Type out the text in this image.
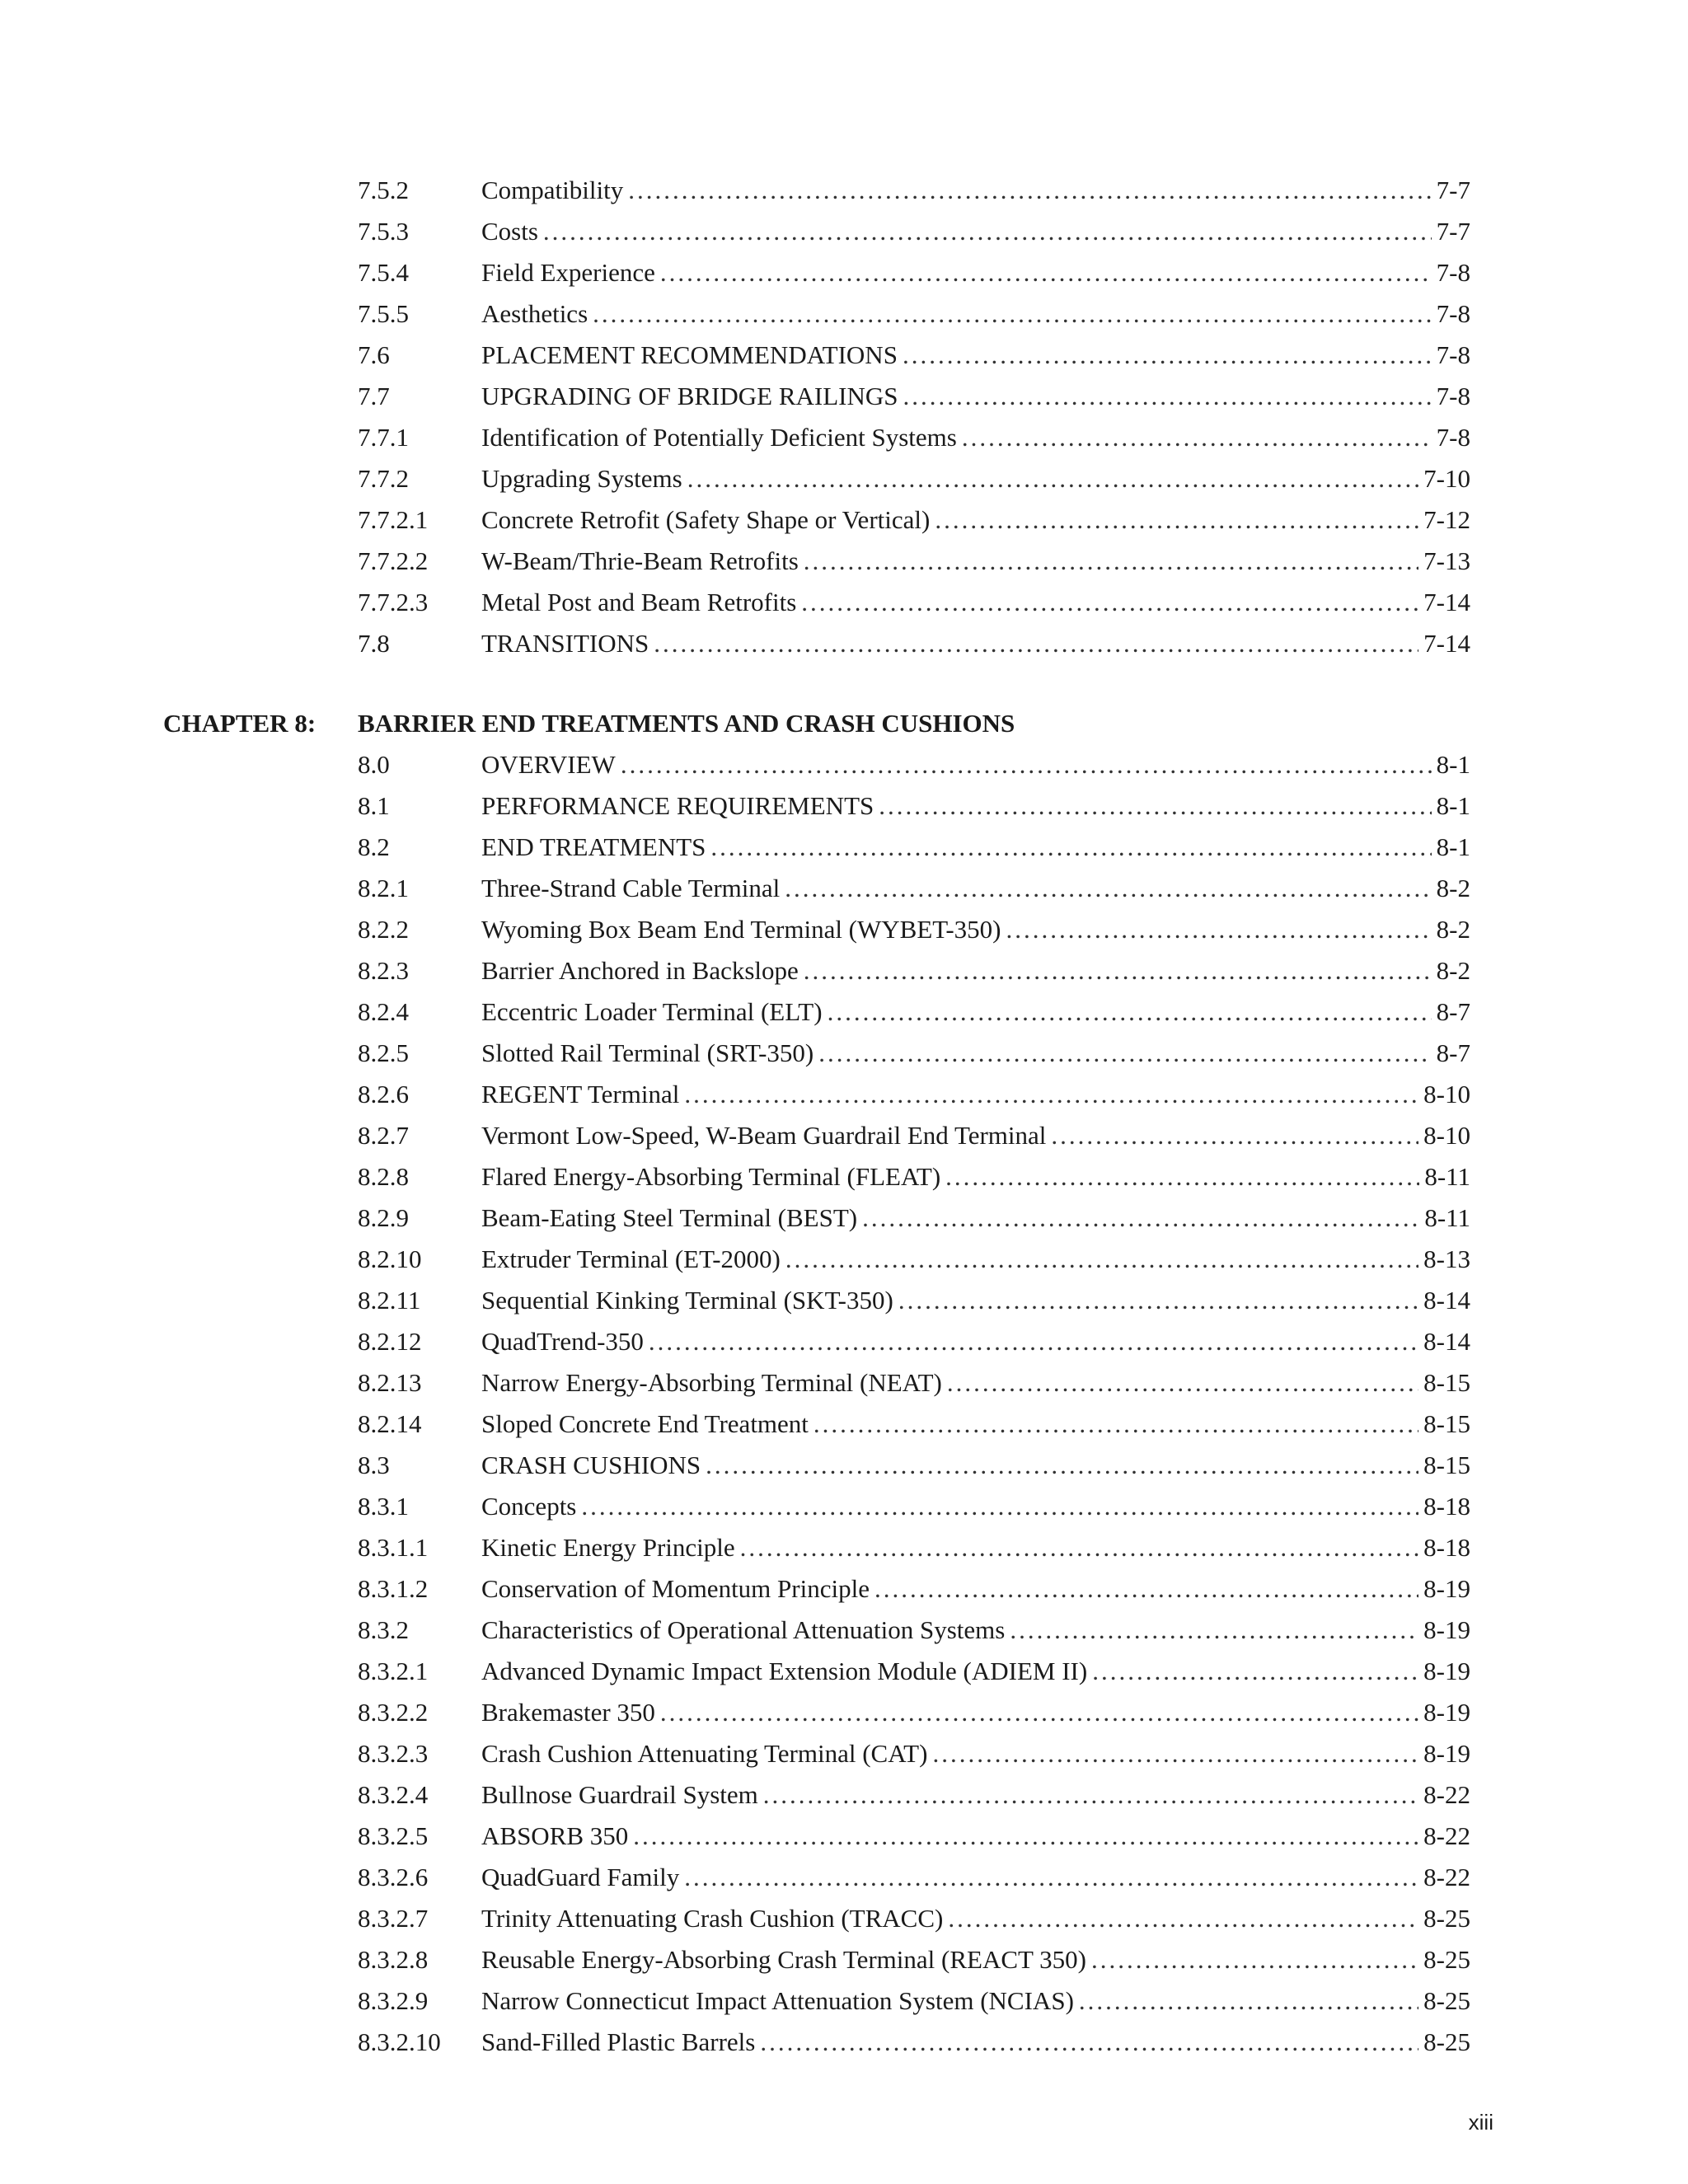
7.5.2	Compatibility .....	7-7
7.5.3	Costs .....	7-7
7.5.4	Field Experience .....	7-8
7.5.5	Aesthetics .....	7-8
7.6	PLACEMENT RECOMMENDATIONS .....	7-8
7.7	UPGRADING OF BRIDGE RAILINGS .....	7-8
7.7.1	Identification of Potentially Deficient Systems .....	7-8
7.7.2	Upgrading Systems .....	7-10
7.7.2.1 Concrete Retrofit (Safety Shape or Vertical) .....	7-12
7.7.2.2 W-Beam/Thrie-Beam Retrofits .....	7-13
7.7.2.3 Metal Post and Beam Retrofits .....	7-14
7.8	TRANSITIONS .....	7-14
CHAPTER 8: BARRIER END TREATMENTS AND CRASH CUSHIONS
8.0	OVERVIEW .....	8-1
8.1	PERFORMANCE REQUIREMENTS .....	8-1
8.2	END TREATMENTS .....	8-1
8.2.1	Three-Strand Cable Terminal .....	8-2
8.2.2	Wyoming Box Beam End Terminal (WYBET-350) .....	8-2
8.2.3	Barrier Anchored in Backslope .....	8-2
8.2.4	Eccentric Loader Terminal (ELT) .....	8-7
8.2.5	Slotted Rail Terminal (SRT-350) .....	8-7
8.2.6	REGENT Terminal .....	8-10
8.2.7	Vermont Low-Speed, W-Beam Guardrail End Terminal .....	8-10
8.2.8	Flared Energy-Absorbing Terminal (FLEAT) .....	8-11
8.2.9	Beam-Eating Steel Terminal (BEST) .....	8-11
8.2.10 Extruder Terminal (ET-2000) .....	8-13
8.2.11 Sequential Kinking Terminal (SKT-350) .....	8-14
8.2.12 QuadTrend-350 .....	8-14
8.2.13 Narrow Energy-Absorbing Terminal (NEAT) .....	8-15
8.2.14 Sloped Concrete End Treatment .....	8-15
8.3	CRASH CUSHIONS .....	8-15
8.3.1	Concepts .....	8-18
8.3.1.1 Kinetic Energy Principle .....	8-18
8.3.1.2 Conservation of Momentum Principle .....	8-19
8.3.2	Characteristics of Operational Attenuation Systems .....	8-19
8.3.2.1 Advanced Dynamic Impact Extension Module (ADIEM II) .....	8-19
8.3.2.2 Brakemaster 350 .....	8-19
8.3.2.3 Crash Cushion Attenuating Terminal (CAT) .....	8-19
8.3.2.4 Bullnose Guardrail System .....	8-22
8.3.2.5 ABSORB 350 .....	8-22
8.3.2.6 QuadGuard Family .....	8-22
8.3.2.7 Trinity Attenuating Crash Cushion (TRACC) .....	8-25
8.3.2.8 Reusable Energy-Absorbing Crash Terminal (REACT 350) .....	8-25
8.3.2.9 Narrow Connecticut Impact Attenuation System (NCIAS) .....	8-25
8.3.2.10 Sand-Filled Plastic Barrels .....	8-25
xiii
